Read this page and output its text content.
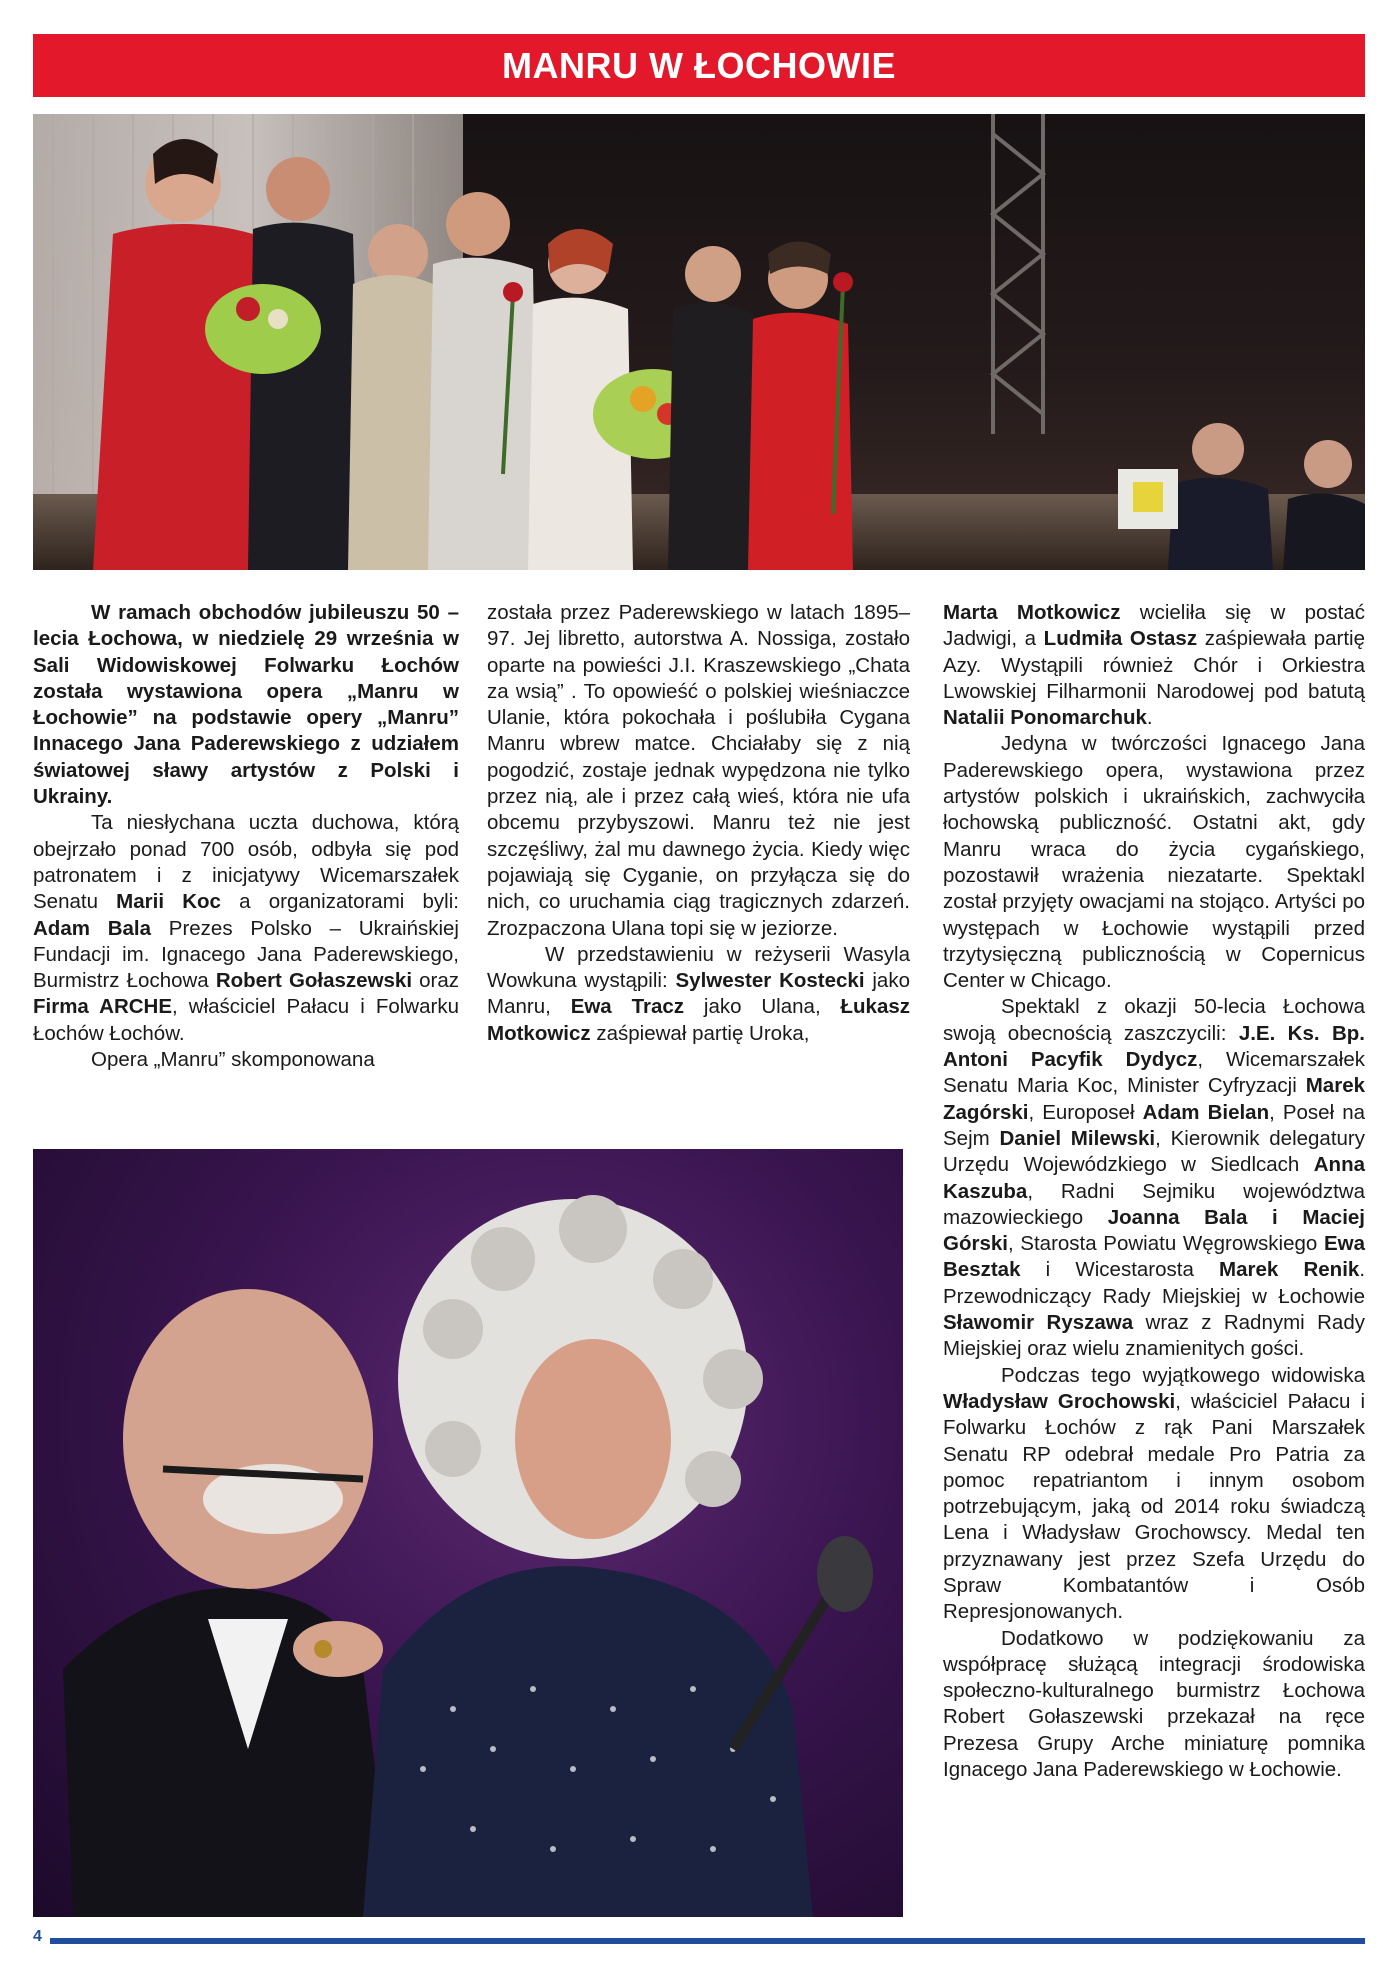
MANRU W ŁOCHOWIE

W ramach obchodów jubileuszu 50 – lecia Łochowa, w niedzielę 29 września w Sali Widowiskowej Folwarku Łochów została wystawiona opera „Manru w Łochowie” na podstawie opery „Manru” Innacego Jana Paderewskiego z udziałem światowej sławy artystów z Polski i Ukrainy.

Ta niesłychana uczta duchowa, którą obejrzało ponad 700 osób, odbyła się pod patronatem i z inicjatywy Wicemarszałek Senatu Marii Koc a organizatorami byli: Adam Bala Prezes Polsko – Ukraińskiej Fundacji im. Ignacego Jana Paderewskiego, Burmistrz Łochowa Robert Gołaszewski oraz Firma ARCHE, właściciel Pałacu i Folwarku Łochów Łochów.

Opera „Manru” skomponowana

została przez Paderewskiego w latach 1895–97. Jej libretto, autorstwa A. Nossiga, zostało oparte na powieści J.I. Kraszewskiego „Chata za wsią” . To opowieść o polskiej wieśniaczce Ulanie, która pokochała i poślubiła Cygana Manru wbrew matce. Chciałaby się z nią pogodzić, zostaje jednak wypędzona nie tylko przez nią, ale i przez całą wieś, która nie ufa obcemu przybyszowi. Manru też nie jest szczęśliwy, żal mu dawnego życia. Kiedy więc pojawiają się Cyganie, on przyłącza się do nich, co uruchamia ciąg tragicznych zdarzeń. Zrozpaczona Ulana topi się w jeziorze.

W przedstawieniu w reżyserii Wasyla Wowkuna wystąpili: Sylwester Kostecki jako Manru, Ewa Tracz jako Ulana, Łukasz Motkowicz zaśpiewał partię Uroka,

Marta Motkowicz wcieliła się w postać Jadwigi, a Ludmiła Ostasz zaśpiewała partię Azy. Wystąpili również Chór i Orkiestra Lwowskiej Filharmonii Narodowej pod batutą Natalii Ponomarchuk.

Jedyna w twórczości Ignacego Jana Paderewskiego opera, wystawiona przez artystów polskich i ukraińskich, zachwyciła łochowską publiczność. Ostatni akt, gdy Manru wraca do życia cygańskiego, pozostawił wrażenia niezatarte. Spektakl został przyjęty owacjami na stojąco. Artyści po występach w Łochowie wystąpili przed trzytysięczną publicznością w Copernicus Center w Chicago.

Spektakl z okazji 50-lecia Łochowa swoją obecnością zaszczycili: J.E. Ks. Bp. Antoni Pacyfik Dydycz, Wicemarszałek Senatu Maria Koc, Minister Cyfryzacji Marek Zagórski, Europoseł Adam Bielan, Poseł na Sejm Daniel Milewski, Kierownik delegatury Urzędu Wojewódzkiego w Siedlcach Anna Kaszuba, Radni Sejmiku województwa mazowieckiego Joanna Bala i Maciej Górski, Starosta Powiatu Węgrowskiego Ewa Besztak i Wicestarosta Marek Renik. Przewodniczący Rady Miejskiej w Łochowie Sławomir Ryszawa wraz z Radnymi Rady Miejskiej oraz wielu znamienitych gości.

Podczas tego wyjątkowego widowiska Władysław Grochowski, właściciel Pałacu i Folwarku Łochów z rąk Pani Marszałek Senatu RP odebrał medale Pro Patria za pomoc repatriantom i innym osobom potrzebującym, jaką od 2014 roku świadczą Lena i Władysław Grochowscy. Medal ten przyznawany jest przez Szefa Urzędu do Spraw Kombatantów i Osób Represjonowanych.

Dodatkowo w podziękowaniu za współpracę służącą integracji środowiska społeczno-kulturalnego burmistrz Łochowa Robert Gołaszewski przekazał na ręce Prezesa Grupy Arche miniaturę pomnika Ignacego Jana Paderewskiego w Łochowie.

4
